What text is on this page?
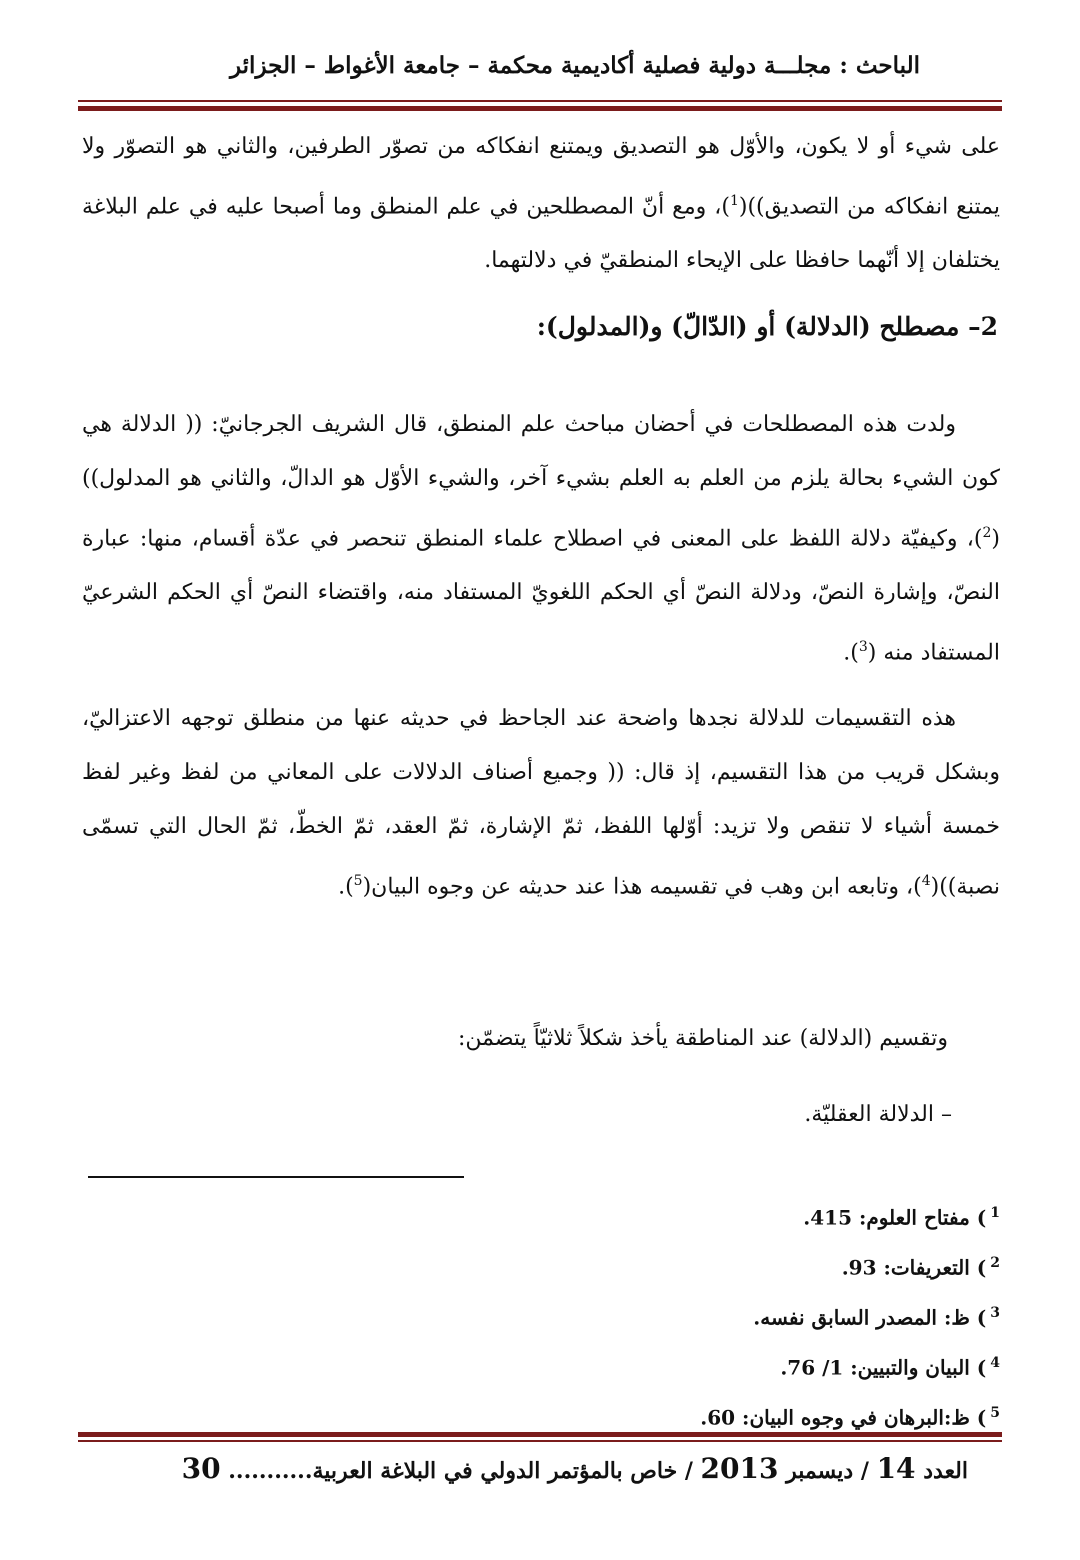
الباحث : مجلـــة دولية فصلية أكاديمية محكمة – جامعة الأغواط – الجزائر

على شيء أو لا يكون، والأوّل هو التصديق ويمتنع انفكاكه من تصوّر الطرفين، والثاني هو التصوّر ولا يمتنع انفكاكه من التصديق))($^1$)، ومع أنّ المصطلحين في علم المنطق وما أصبحا عليه في علم البلاغة يختلفان إلا أنّهما حافظا على الإيحاء المنطقيّ في دلالتهما.

2– مصطلح (الدلالة) أو (الدّالّ) و(المدلول):

ولدت هذه المصطلحات في أحضان مباحث علم المنطق، قال الشريف الجرجانيّ: (( الدلالة هي كون الشيء بحالة يلزم من العلم به العلم بشيء آخر، والشيء الأوّل هو الدالّ، والثاني هو المدلول))($^2$)، وكيفيّة دلالة اللفظ على المعنى في اصطلاح علماء المنطق تنحصر في عدّة أقسام، منها: عبارة النصّ، وإشارة النصّ، ودلالة النصّ أي الحكم اللغويّ المستفاد منه، واقتضاء النصّ أي الحكم الشرعيّ المستفاد منه ($^3$).

هذه التقسيمات للدلالة نجدها واضحة عند الجاحظ في حديثه عنها من منطلق توجهه الاعتزاليّ، وبشكل قريب من هذا التقسيم، إذ قال: (( وجميع أصناف الدلالات على المعاني من لفظ وغير لفظ خمسة أشياء لا تنقص ولا تزيد: أوّلها اللفظ، ثمّ الإشارة، ثمّ العقد، ثمّ الخطّ، ثمّ الحال التي تسمّى نصبة))($^4$)، وتابعه ابن وهب في تقسيمه هذا عند حديثه عن وجوه البيان($^5$).

وتقسيم (الدلالة) عند المناطقة يأخذ شكلاً ثلاثيّاً يتضمّن:

– الدلالة العقليّة.
$^1$) مفتاح العلوم: 415.
$^2$) التعريفات: 93.
$^3$) ظ: المصدر السابق نفسه.
$^4$) البيان والتبيين: 1/ 76.
$^5$) ظ:البرهان في وجوه البيان: 60.
العدد 14 / ديسمبر 2013 / خاص بالمؤتمر الدولي في البلاغة العربية........... 30
